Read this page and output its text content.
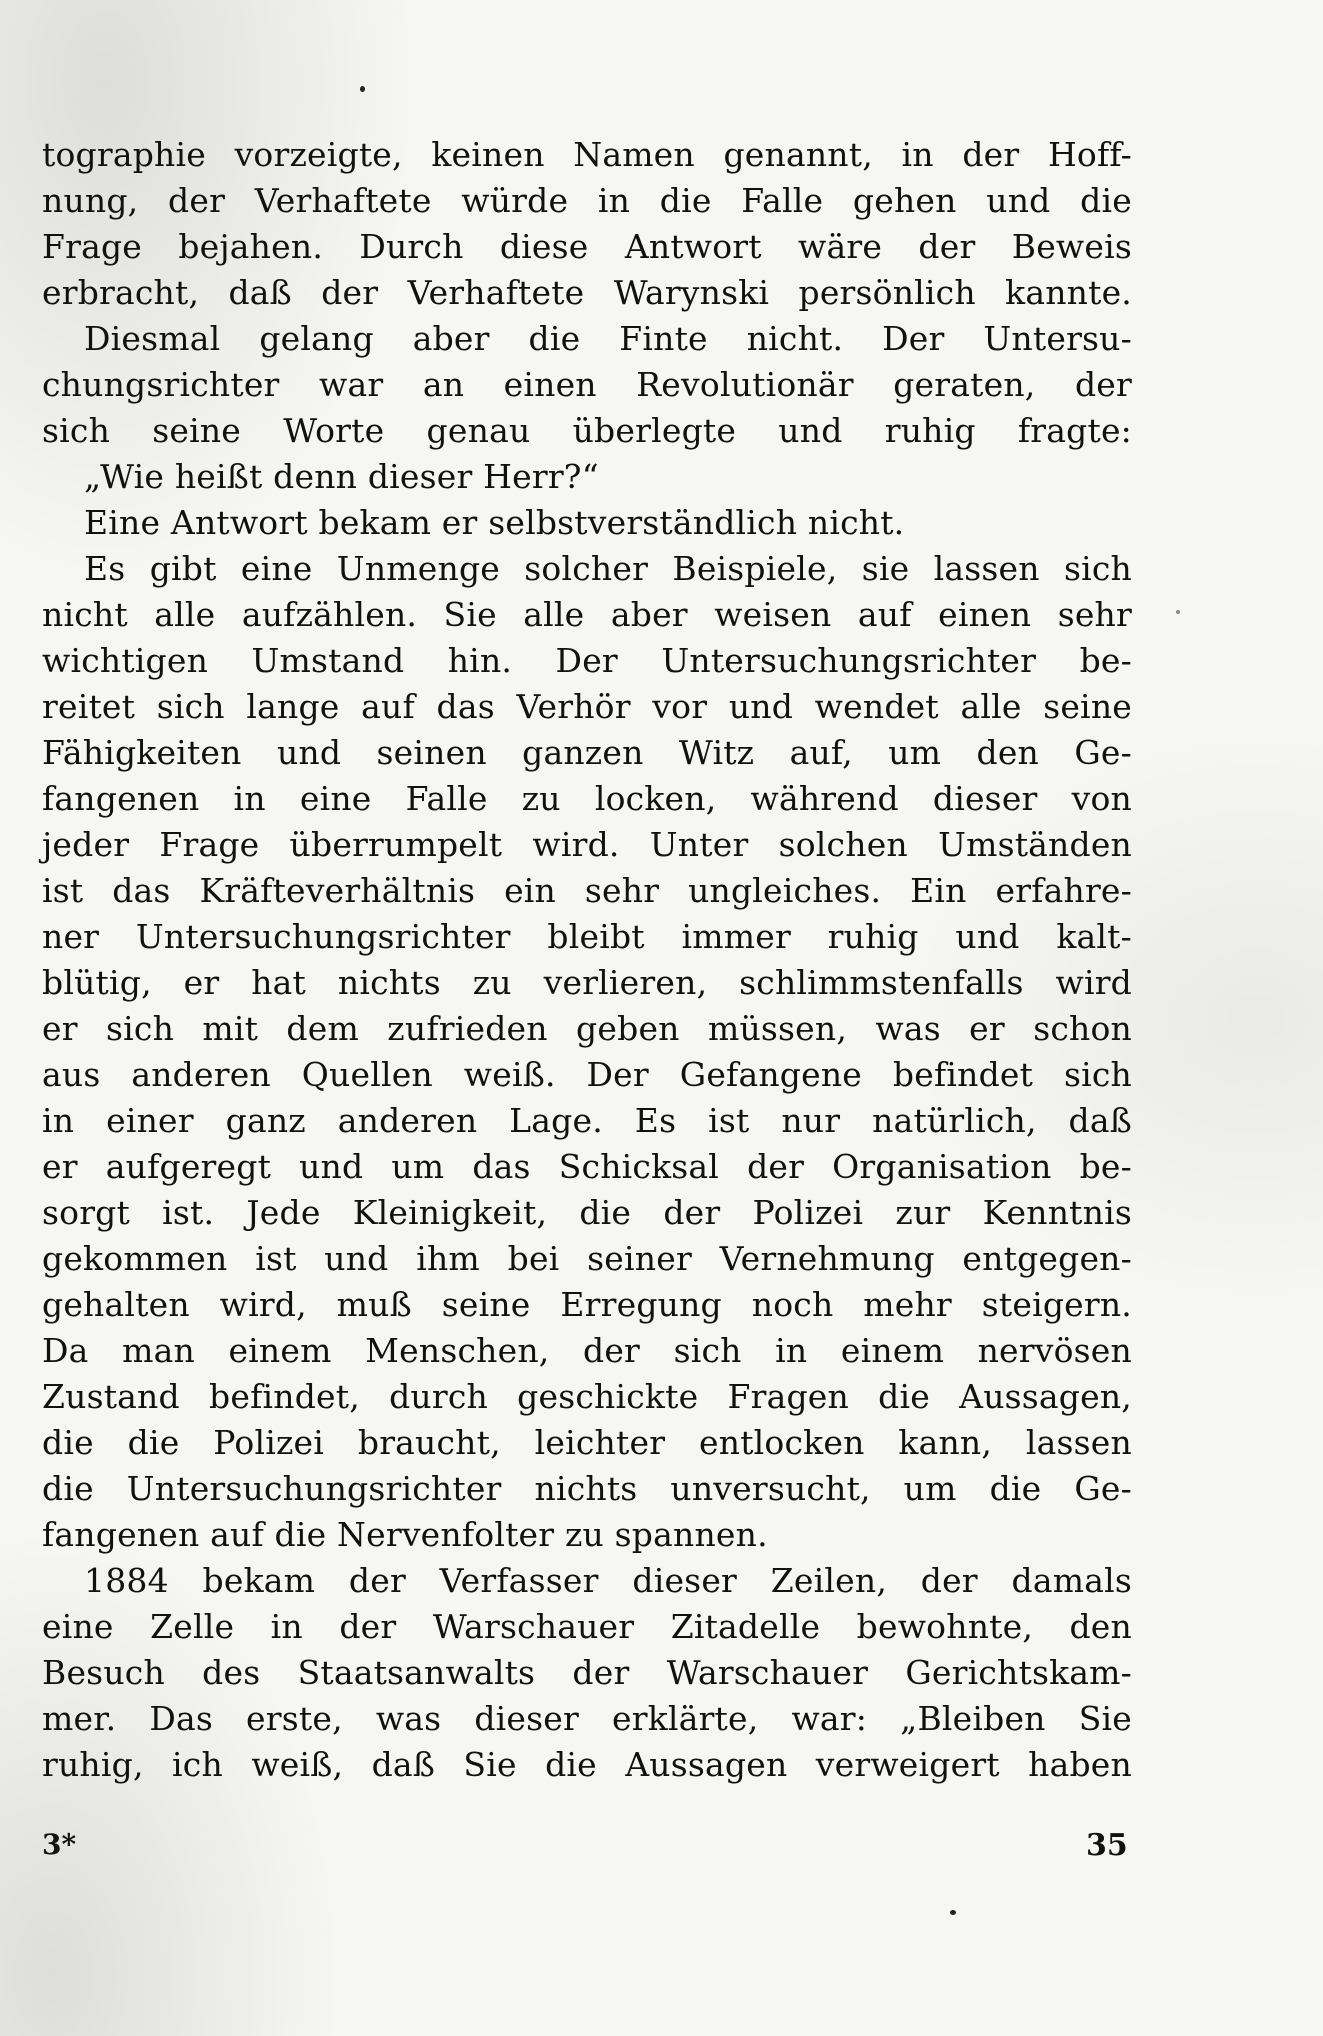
tographie vorzeigte, keinen Namen genannt, in der Hoff-
nung, der Verhaftete würde in die Falle gehen und die
Frage bejahen. Durch diese Antwort wäre der Beweis
erbracht, daß der Verhaftete Warynski persönlich kannte.
Diesmal gelang aber die Finte nicht. Der Untersu-
chungsrichter war an einen Revolutionär geraten, der
sich seine Worte genau überlegte und ruhig fragte:
„Wie heißt denn dieser Herr?“
Eine Antwort bekam er selbstverständlich nicht.
Es gibt eine Unmenge solcher Beispiele, sie lassen sich
nicht alle aufzählen. Sie alle aber weisen auf einen sehr
wichtigen Umstand hin. Der Untersuchungsrichter be-
reitet sich lange auf das Verhör vor und wendet alle seine
Fähigkeiten und seinen ganzen Witz auf, um den Ge-
fangenen in eine Falle zu locken, während dieser von
jeder Frage überrumpelt wird. Unter solchen Umständen
ist das Kräfteverhältnis ein sehr ungleiches. Ein erfahre-
ner Untersuchungsrichter bleibt immer ruhig und kalt-
blütig, er hat nichts zu verlieren, schlimmstenfalls wird
er sich mit dem zufrieden geben müssen, was er schon
aus anderen Quellen weiß. Der Gefangene befindet sich
in einer ganz anderen Lage. Es ist nur natürlich, daß
er aufgeregt und um das Schicksal der Organisation be-
sorgt ist. Jede Kleinigkeit, die der Polizei zur Kenntnis
gekommen ist und ihm bei seiner Vernehmung entgegen-
gehalten wird, muß seine Erregung noch mehr steigern.
Da man einem Menschen, der sich in einem nervösen
Zustand befindet, durch geschickte Fragen die Aussagen,
die die Polizei braucht, leichter entlocken kann, lassen
die Untersuchungsrichter nichts unversucht, um die Ge-
fangenen auf die Nervenfolter zu spannen.
1884 bekam der Verfasser dieser Zeilen, der damals
eine Zelle in der Warschauer Zitadelle bewohnte, den
Besuch des Staatsanwalts der Warschauer Gerichtskam-
mer. Das erste, was dieser erklärte, war: „Bleiben Sie
ruhig, ich weiß, daß Sie die Aussagen verweigert haben
3*	35
